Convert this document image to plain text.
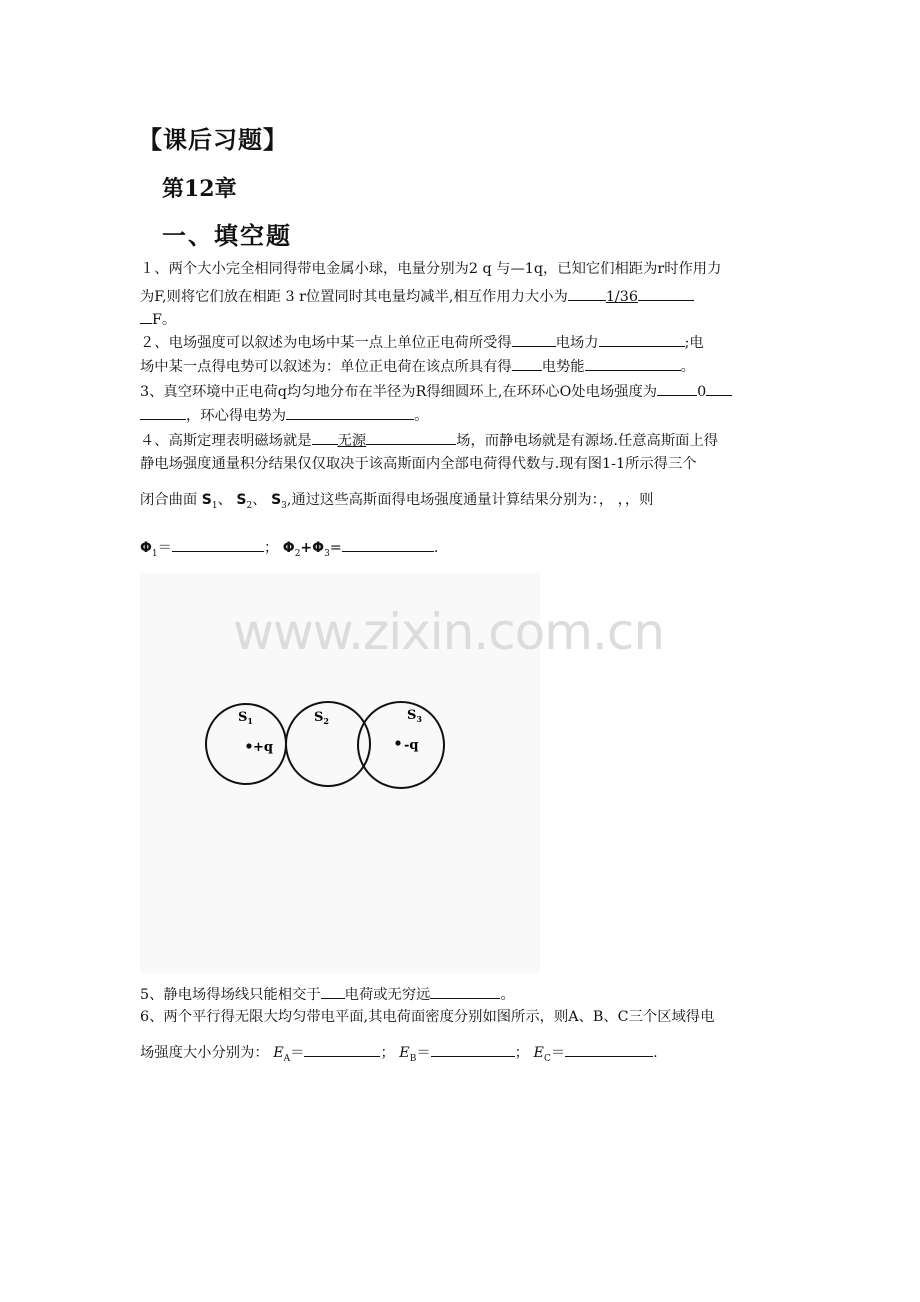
【课后习题】
第12章
一、填空题
１、两个大小完全相同得带电金属小球，电量分别为2 q 与—1q，已知它们相距为r时作用力
为F,则将它们放在相距 3 r位置同时其电量均减半,相互作用力大小为	1/36
F。
２、电场强度可以叙述为电场中某一点上单位正电荷所受得	电场力	;电
场中某一点得电势可以叙述为：单位正电荷在该点所具有得 电势能	。
3、真空环境中正电荷q均匀地分布在半径为R得细圆环上,在环环心O处电场强度为	0
，环心得电势为	。
４、高斯定理表明磁场就是 无源	场，而静电场就是有源场.任意高斯面上得
静电场强度通量积分结果仅仅取决于该高斯面内全部电荷得代数与.现有图1-1所示得三个
闭合曲面 $S_1$、 $S_2$、 $S_3$,通过这些高斯面得电场强度通量计算结果分别为：， ，，则
$\Phi_1=$	； $\Phi_2+\Phi_3=$	.
$S_1$	$S_2$	$S_3$
+q	-q
www.zixin.com.cn
5、静电场得场线只能相交于 电荷或无穷远	。
6、两个平行得无限大均匀带电平面,其电荷面密度分别如图所示，则A、B、C三个区域得电
场强度大小分别为： $E_A=$	； $E_B=$	； $E_C=$	.
